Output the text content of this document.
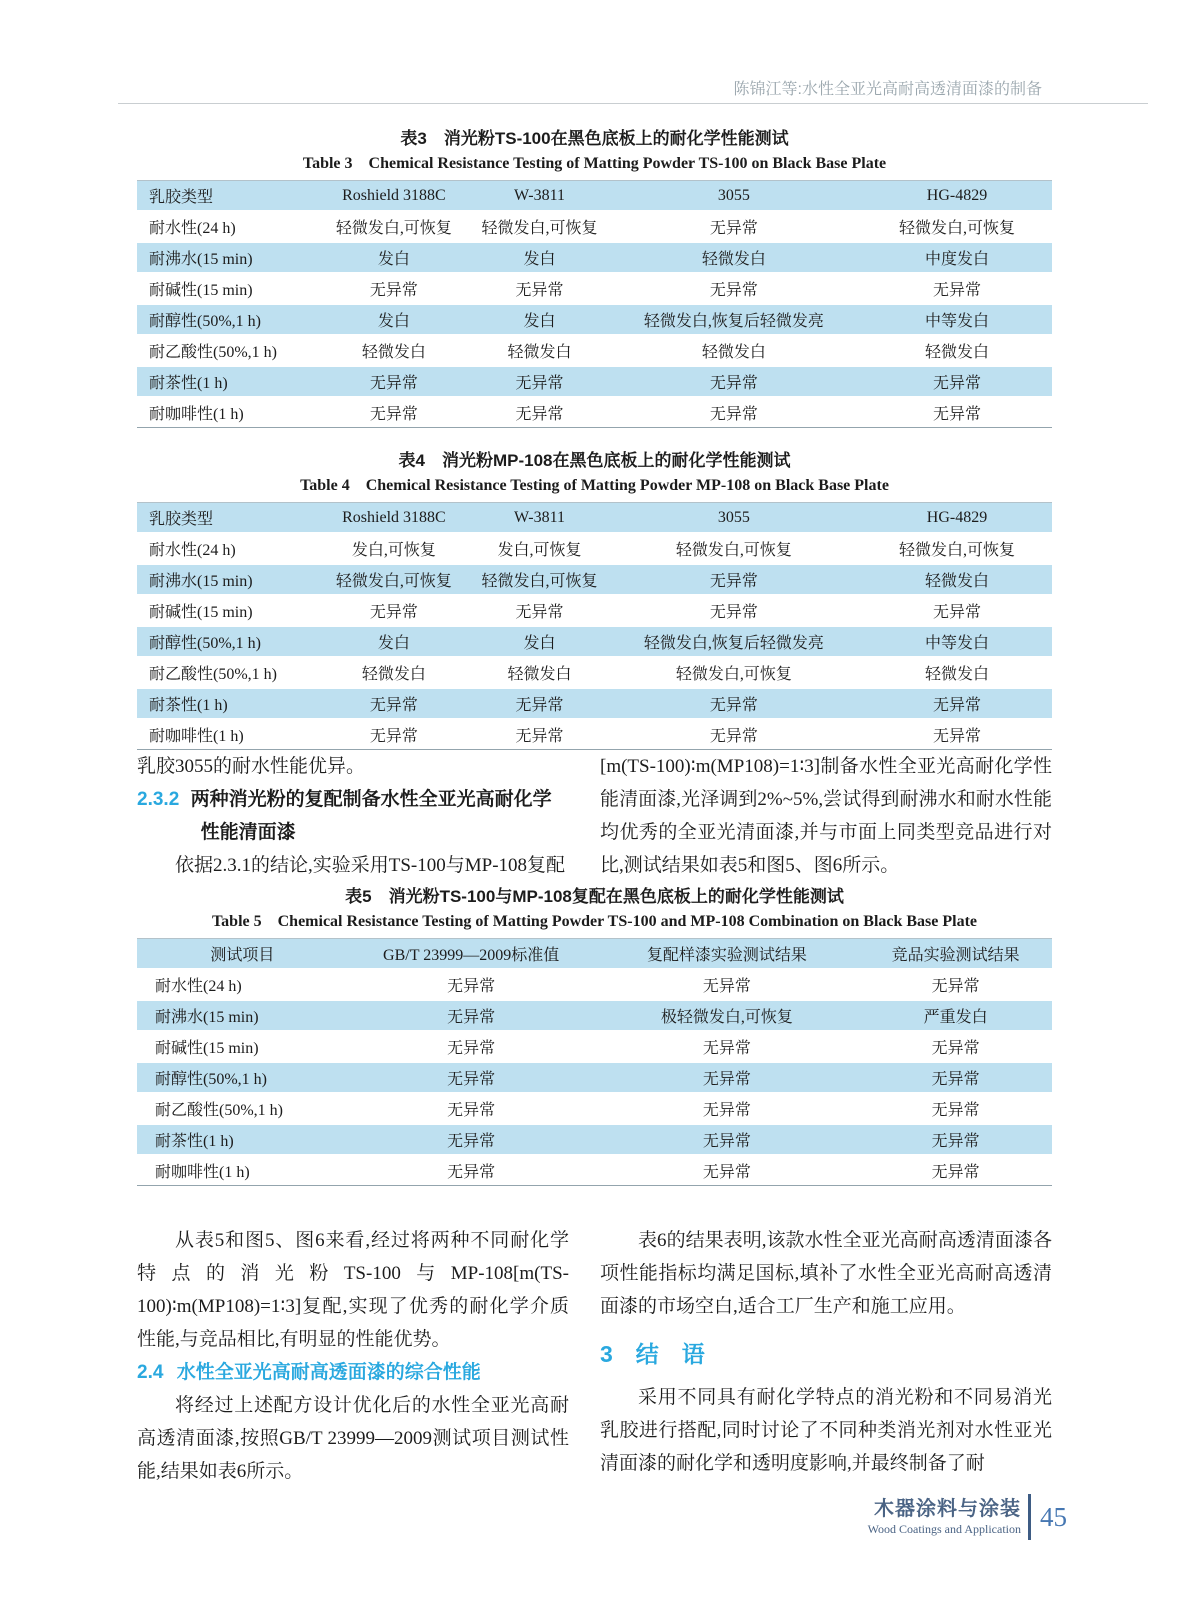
陈锦江等:水性全亚光高耐高透清面漆的制备
表3　消光粉TS-100在黑色底板上的耐化学性能测试
Table 3　Chemical Resistance Testing of Matting Powder TS-100 on Black Base Plate
乳胶类型	Roshield 3188C	W-3811	3055	HG-4829
耐水性(24 h)	轻微发白,可恢复	轻微发白,可恢复	无异常	轻微发白,可恢复
耐沸水(15 min)	发白	发白	轻微发白	中度发白
耐碱性(15 min)	无异常	无异常	无异常	无异常
耐醇性(50%,1 h)	发白	发白	轻微发白,恢复后轻微发亮	中等发白
耐乙酸性(50%,1 h)	轻微发白	轻微发白	轻微发白	轻微发白
耐茶性(1 h)	无异常	无异常	无异常	无异常
耐咖啡性(1 h)	无异常	无异常	无异常	无异常
表4　消光粉MP-108在黑色底板上的耐化学性能测试
Table 4　Chemical Resistance Testing of Matting Powder MP-108 on Black Base Plate
乳胶类型	Roshield 3188C	W-3811	3055	HG-4829
耐水性(24 h)	发白,可恢复	发白,可恢复	轻微发白,可恢复	轻微发白,可恢复
耐沸水(15 min)	轻微发白,可恢复	轻微发白,可恢复	无异常	轻微发白
耐碱性(15 min)	无异常	无异常	无异常	无异常
耐醇性(50%,1 h)	发白	发白	轻微发白,恢复后轻微发亮	中等发白
耐乙酸性(50%,1 h)	轻微发白	轻微发白	轻微发白,可恢复	轻微发白
耐茶性(1 h)	无异常	无异常	无异常	无异常
耐咖啡性(1 h)	无异常	无异常	无异常	无异常

乳胶3055的耐水性能优异。

2.3.2 两种消光粉的复配制备水性全亚光高耐化学性能清面漆

依据2.3.1的结论,实验采用TS-100与MP-108复配

[m(TS-100)∶m(MP108)=1∶3]制备水性全亚光高耐化学性能清面漆,光泽调到2%~5%,尝试得到耐沸水和耐水性能均优秀的全亚光清面漆,并与市面上同类型竞品进行对比,测试结果如表5和图5、图6所示。

表5　消光粉TS-100与MP-108复配在黑色底板上的耐化学性能测试
Table 5　Chemical Resistance Testing of Matting Powder TS-100 and MP-108 Combination on Black Base Plate
测试项目	GB/T 23999—2009标准值	复配样漆实验测试结果	竞品实验测试结果
耐水性(24 h)	无异常	无异常	无异常
耐沸水(15 min)	无异常	极轻微发白,可恢复	严重发白
耐碱性(15 min)	无异常	无异常	无异常
耐醇性(50%,1 h)	无异常	无异常	无异常
耐乙酸性(50%,1 h)	无异常	无异常	无异常
耐茶性(1 h)	无异常	无异常	无异常
耐咖啡性(1 h)	无异常	无异常	无异常

从表5和图5、图6来看,经过将两种不同耐化学特点的消光粉TS-100与MP-108[m(TS-100)∶m(MP108)=1∶3]复配,实现了优秀的耐化学介质性能,与竞品相比,有明显的性能优势。

2.4 水性全亚光高耐高透面漆的综合性能

将经过上述配方设计优化后的水性全亚光高耐高透清面漆,按照GB/T 23999—2009测试项目测试性能,结果如表6所示。

表6的结果表明,该款水性全亚光高耐高透清面漆各项性能指标均满足国标,填补了水性全亚光高耐高透清面漆的市场空白,适合工厂生产和施工应用。

3 结　语

采用不同具有耐化学特点的消光粉和不同易消光乳胶进行搭配,同时讨论了不同种类消光剂对水性亚光清面漆的耐化学和透明度影响,并最终制备了耐

木器涂料与涂装
Wood Coatings and Application 45
